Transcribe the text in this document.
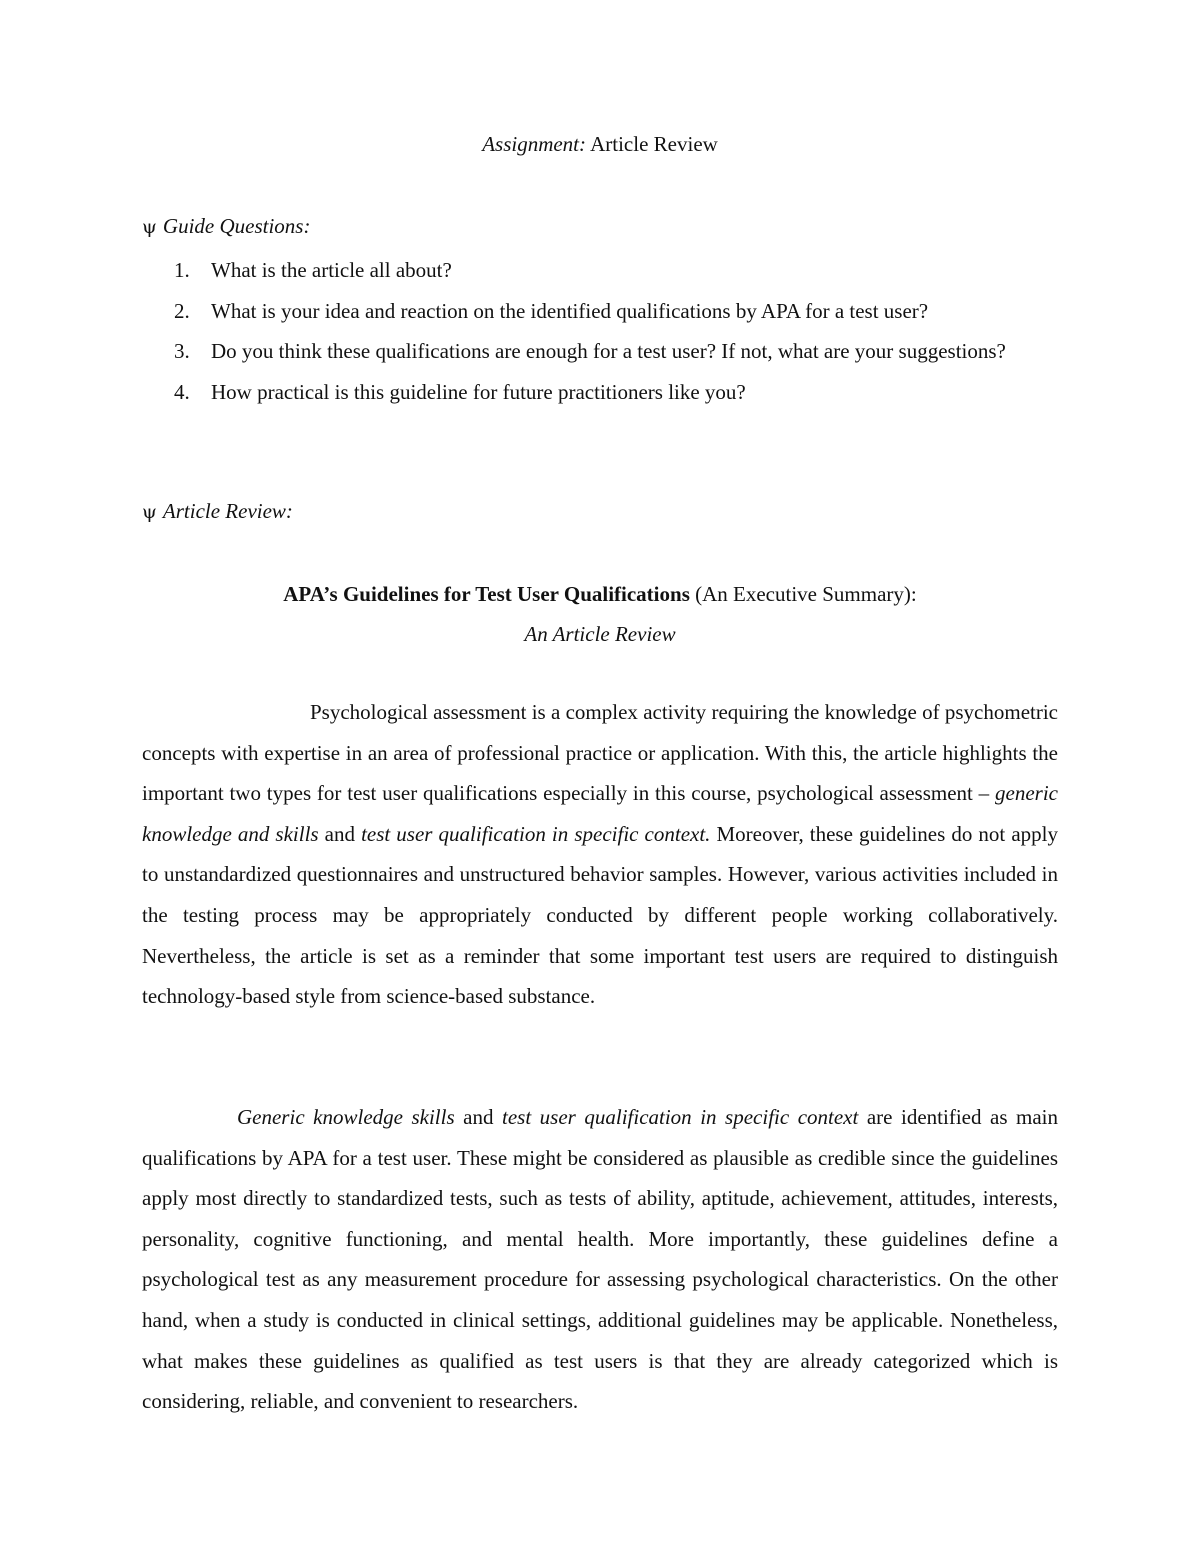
Assignment: Article Review
ψ Guide Questions:
1. What is the article all about?
2. What is your idea and reaction on the identified qualifications by APA for a test user?
3. Do you think these qualifications are enough for a test user? If not, what are your suggestions?
4. How practical is this guideline for future practitioners like you?
ψ Article Review:
APA’s Guidelines for Test User Qualifications (An Executive Summary):
An Article Review

Psychological assessment is a complex activity requiring the knowledge of psychometric concepts with expertise in an area of professional practice or application. With this, the article highlights the important two types for test user qualifications especially in this course, psychological assessment – generic knowledge and skills and test user qualification in specific context. Moreover, these guidelines do not apply to unstandardized questionnaires and unstructured behavior samples. However, various activities included in the testing process may be appropriately conducted by different people working collaboratively. Nevertheless, the article is set as a reminder that some important test users are required to distinguish technology-based style from science-based substance.

Generic knowledge skills and test user qualification in specific context are identified as main qualifications by APA for a test user. These might be considered as plausible as credible since the guidelines apply most directly to standardized tests, such as tests of ability, aptitude, achievement, attitudes, interests, personality, cognitive functioning, and mental health. More importantly, these guidelines define a psychological test as any measurement procedure for assessing psychological characteristics. On the other hand, when a study is conducted in clinical settings, additional guidelines may be applicable. Nonetheless, what makes these guidelines as qualified as test users is that they are already categorized which is considering, reliable, and convenient to researchers.
